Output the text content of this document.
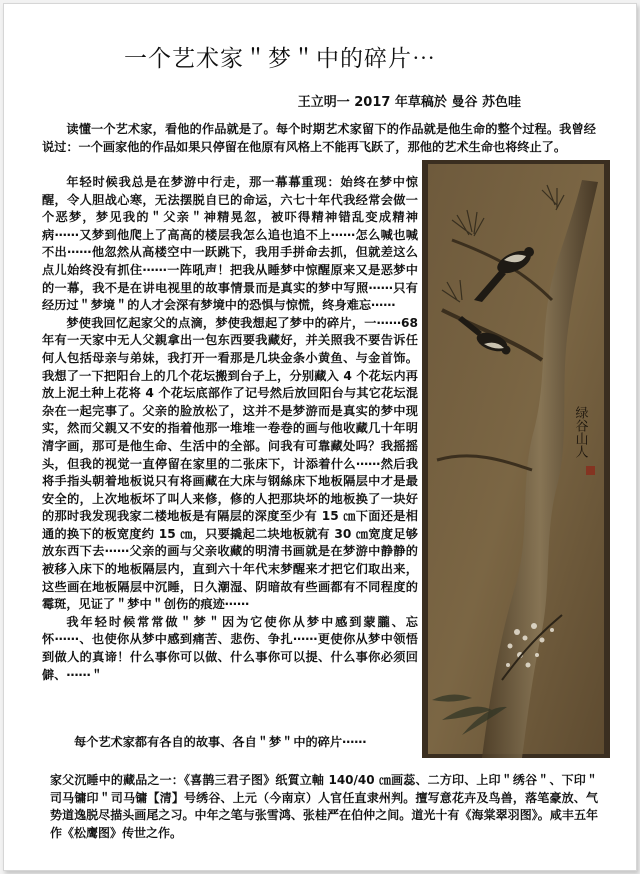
一个艺术家＂梦＂中的碎片⋯
王立明一 2017 年草稿於 曼谷 苏色哇

读懂一个艺术家，看他的作品就是了。每个时期艺术家留下的作品就是他生命的整个过程。我曾经说过：一个画家他的作品如果只停留在他原有风格上不能再飞跃了，那他的艺术生命也将终止了。

年轻时候我总是在梦游中行走，那一幕幕重现：始终在梦中惊醒，令人胆战心寒，无法摆脱自已的命运，六七十年代我经常会做一个恶梦，梦见我的＂父亲＂神精晃忽，被吓得精神错乱变成精神病⋯⋯又梦到他爬上了高高的楼层我怎么追也追不上⋯⋯怎么喊也喊不出⋯⋯他忽然从高楼空中一跃跳下，我用手拼命去抓，但就差这么点儿始终没有抓住⋯⋯一阵吼声！把我从睡梦中惊醒原来又是恶梦中的一幕，我不是在讲电视里的故事情景而是真实的梦中写照⋯⋯只有经历过＂梦境＂的人才会深有梦境中的恐惧与惊慌，终身难忘⋯⋯

梦使我回忆起家父的点滴，梦使我想起了梦中的碎片，一⋯⋯68 年有一天家中无人父親拿出一包东西要我藏好，并关照我不要告诉任何人包括母亲与弟妹，我打开一看那是几块金条小黄鱼、与金首饰。我想了一下把阳台上的几个花坛搬到台子上，分别藏入 4 个花坛内再放上泥土种上花将 4 个花坛底部作了记号然后放回阳台与其它花坛混杂在一起完事了。父亲的脸放松了，这并不是梦游而是真实的梦中现实，然而父親又不安的指着他那一堆堆一卷卷的画与他收藏几十年明清字画，那可是他生命、生活中的全部。问我有可靠藏处吗？我摇摇头，但我的视觉一直停留在家里的二张床下，计添着什么⋯⋯然后我将手指头朝着地板说只有将画藏在大床与钢絲床下地板隔层中才是最安全的，上次地板坏了叫人来修，修的人把那块坏的地板换了一块好的那时我发现我家二楼地板是有隔层的深度至少有 15 ㎝下面还是相通的换下的板宽度约 15 ㎝，只要撬起二块地板就有 30 ㎝宽度足够放东西下去⋯⋯父亲的画与父亲收藏的明清书画就是在梦游中静静的被移入床下的地板隔层内，直到六十年代末梦醒来才把它们取出来，这些画在地板隔层中沉睡，日久潮湿、阴暗故有些画都有不同程度的霉斑，见证了＂梦中＂创伤的痕迹⋯⋯

我年轻时候常常做＂梦＂因为它使你从梦中感到蒙朧、忘怀⋯⋯、也使你从梦中感到痛苦、悲伤、争扎⋯⋯更使你从梦中领悟到做人的真谛！什么事你可以做、什么事你可以提、什么事你必须回僻、⋯⋯＂

每个艺术家都有各自的故事、各自＂梦＂中的碎片⋯⋯
家父沉睡中的藏品之一：《喜鹊三君子图》纸質立軸 140/40 ㎝画蕊、二方印、上印＂绣谷＂、下印＂司马镛印＂司马镛【清】号绣谷、上元（今南京）人官任直隶州判。擅写意花卉及鸟兽，落笔豪放、气势道逸脱尽描头画尾之习。中年之笔与张雪鸿、张桂严在伯仲之间。道光十有《海棠翠羽图》。咸丰五年作《松鹰图》传世之作。
绿谷山人
